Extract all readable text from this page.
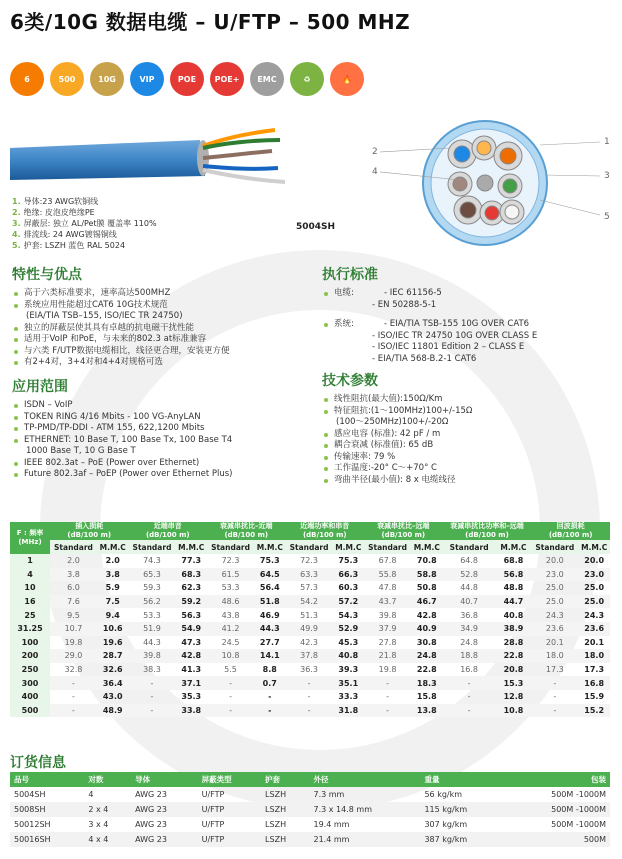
6类/10G 数据电缆 – U/FTP – 500 MHZ
6	500	10G	VIP	POE	POE+	EMC	♻	🔥
1
2
3
4
5
1. 导体:23 AWG软铜线
2. 绝缘: 皮泡皮绝缘PE
3. 屏蔽层: 独立 AL/Pet膜 覆盖率 110%
4. 排流线: 24 AWG镀锡铜线
5. 护套: LSZH 蓝色 RAL 5024
5004SH
特性与优点
高于六类标准要求，速率高达500MHZ
系统应用性能超过CAT6 10G技术规范
(EIA/TIA TSB–155, ISO/IEC TR 24750)
独立的屏蔽层使其具有卓越的抗电磁干扰性能
适用于VoIP 和PoE，与未来的802.3 at标准兼容
与六类 F/UTP数据电缆相比，线径更合理，安装更方便
有2+4对，3+4对和4+4对规格可选
应用范围
ISDN – VoIP
TOKEN RING 4/16 Mbits - 100 VG-AnyLAN
TP-PMD/TP-DDI - ATM 155, 622,1200 Mbits
ETHERNET: 10 Base T, 100 Base Tx, 100 Base T4
1000 Base T, 10 G Base T
IEEE 802.3at – PoE (Power over Ethernet)
Future 802.3af – PoEP (Power over Ethernet Plus)
执行标准
电缆:	- IEC 61156-5
- EN 50288-5-1
系统:	- EIA/TIA TSB-155 10G OVER CAT6
- ISO/IEC TR 24750 10G OVER CLASS E
- ISO/IEC 11801 Edition 2 – CLASS E
- EIA/TIA 568-B.2-1 CAT6
技术参数
线性阻抗(最大值):150Ω/Km
特征阻抗:(1～100MHz)100+/-15Ω
(100～250MHz)100+/-20Ω
感应电容 (标准): 42 pF / m
耦合衰减 (标准值): 65 dB
传输速率: 79 %
工作温度:-20° C～+70° C
弯曲半径(最小值): 8 x 电缆线径
F : 频率
(MHz)	插入损耗
(dB/100 m)		近端串音
(dB/100 m)		衰减串扰比–近端
(dB/100 m)		近端功率和串音
(dB/100 m)		衰减串扰比–远端
(dB/100 m)		衰减串扰比功率和–远端
(dB/100 m)		回波损耗
(dB/100 m)	
	Standard	M.M.C	Standard	M.M.C	Standard	M.M.C	Standard	M.M.C	Standard	M.M.C	Standard	M.M.C	Standard	M.M.C
1	2.0	2.0	74.3	77.3	72.3	75.3	72.3	75.3	67.8	70.8	64.8	68.8	20.0	20.0
4	3.8	3.8	65.3	68.3	61.5	64.5	63.3	66.3	55.8	58.8	52.8	56.8	23.0	23.0
10	6.0	5.9	59.3	62.3	53.3	56.4	57.3	60.3	47.8	50.8	44.8	48.8	25.0	25.0
16	7.6	7.5	56.2	59.2	48.6	51.8	54.2	57.2	43.7	46.7	40.7	44.7	25.0	25.0
25	9.5	9.4	53.3	56.3	43.8	46.9	51.3	54.3	39.8	42.8	36.8	40.8	24.3	24.3
31.25	10.7	10.6	51.9	54.9	41.2	44.3	49.9	52.9	37.9	40.9	34.9	38.9	23.6	23.6
100	19.8	19.6	44.3	47.3	24.5	27.7	42.3	45.3	27.8	30.8	24.8	28.8	20.1	20.1
200	29.0	28.7	39.8	42.8	10.8	14.1	37.8	40.8	21.8	24.8	18.8	22.8	18.0	18.0
250	32.8	32.6	38.3	41.3	5.5	8.8	36.3	39.3	19.8	22.8	16.8	20.8	17.3	17.3
300	-	36.4	-	37.1	-	0.7	-	35.1	-	18.3	-	15.3	-	16.8
400	-	43.0	-	35.3	-	-	-	33.3	-	15.8	-	12.8	-	15.9
500	-	48.9	-	33.8	-	-	-	31.8	-	13.8	-	10.8	-	15.2
订货信息
品号	对数	导体	屏蔽类型	护套	外径	重量	包装
5004SH	4	AWG 23	U/FTP	LSZH	7.3 mm	56 kg/km	500M -1000M
5008SH	2 x 4	AWG 23	U/FTP	LSZH	7.3 x 14.8 mm	115 kg/km	500M -1000M
50012SH	3 x 4	AWG 23	U/FTP	LSZH	19.4 mm	307 kg/km	500M -1000M
50016SH	4 x 4	AWG 23	U/FTP	LSZH	21.4 mm	387 kg/km	500M
